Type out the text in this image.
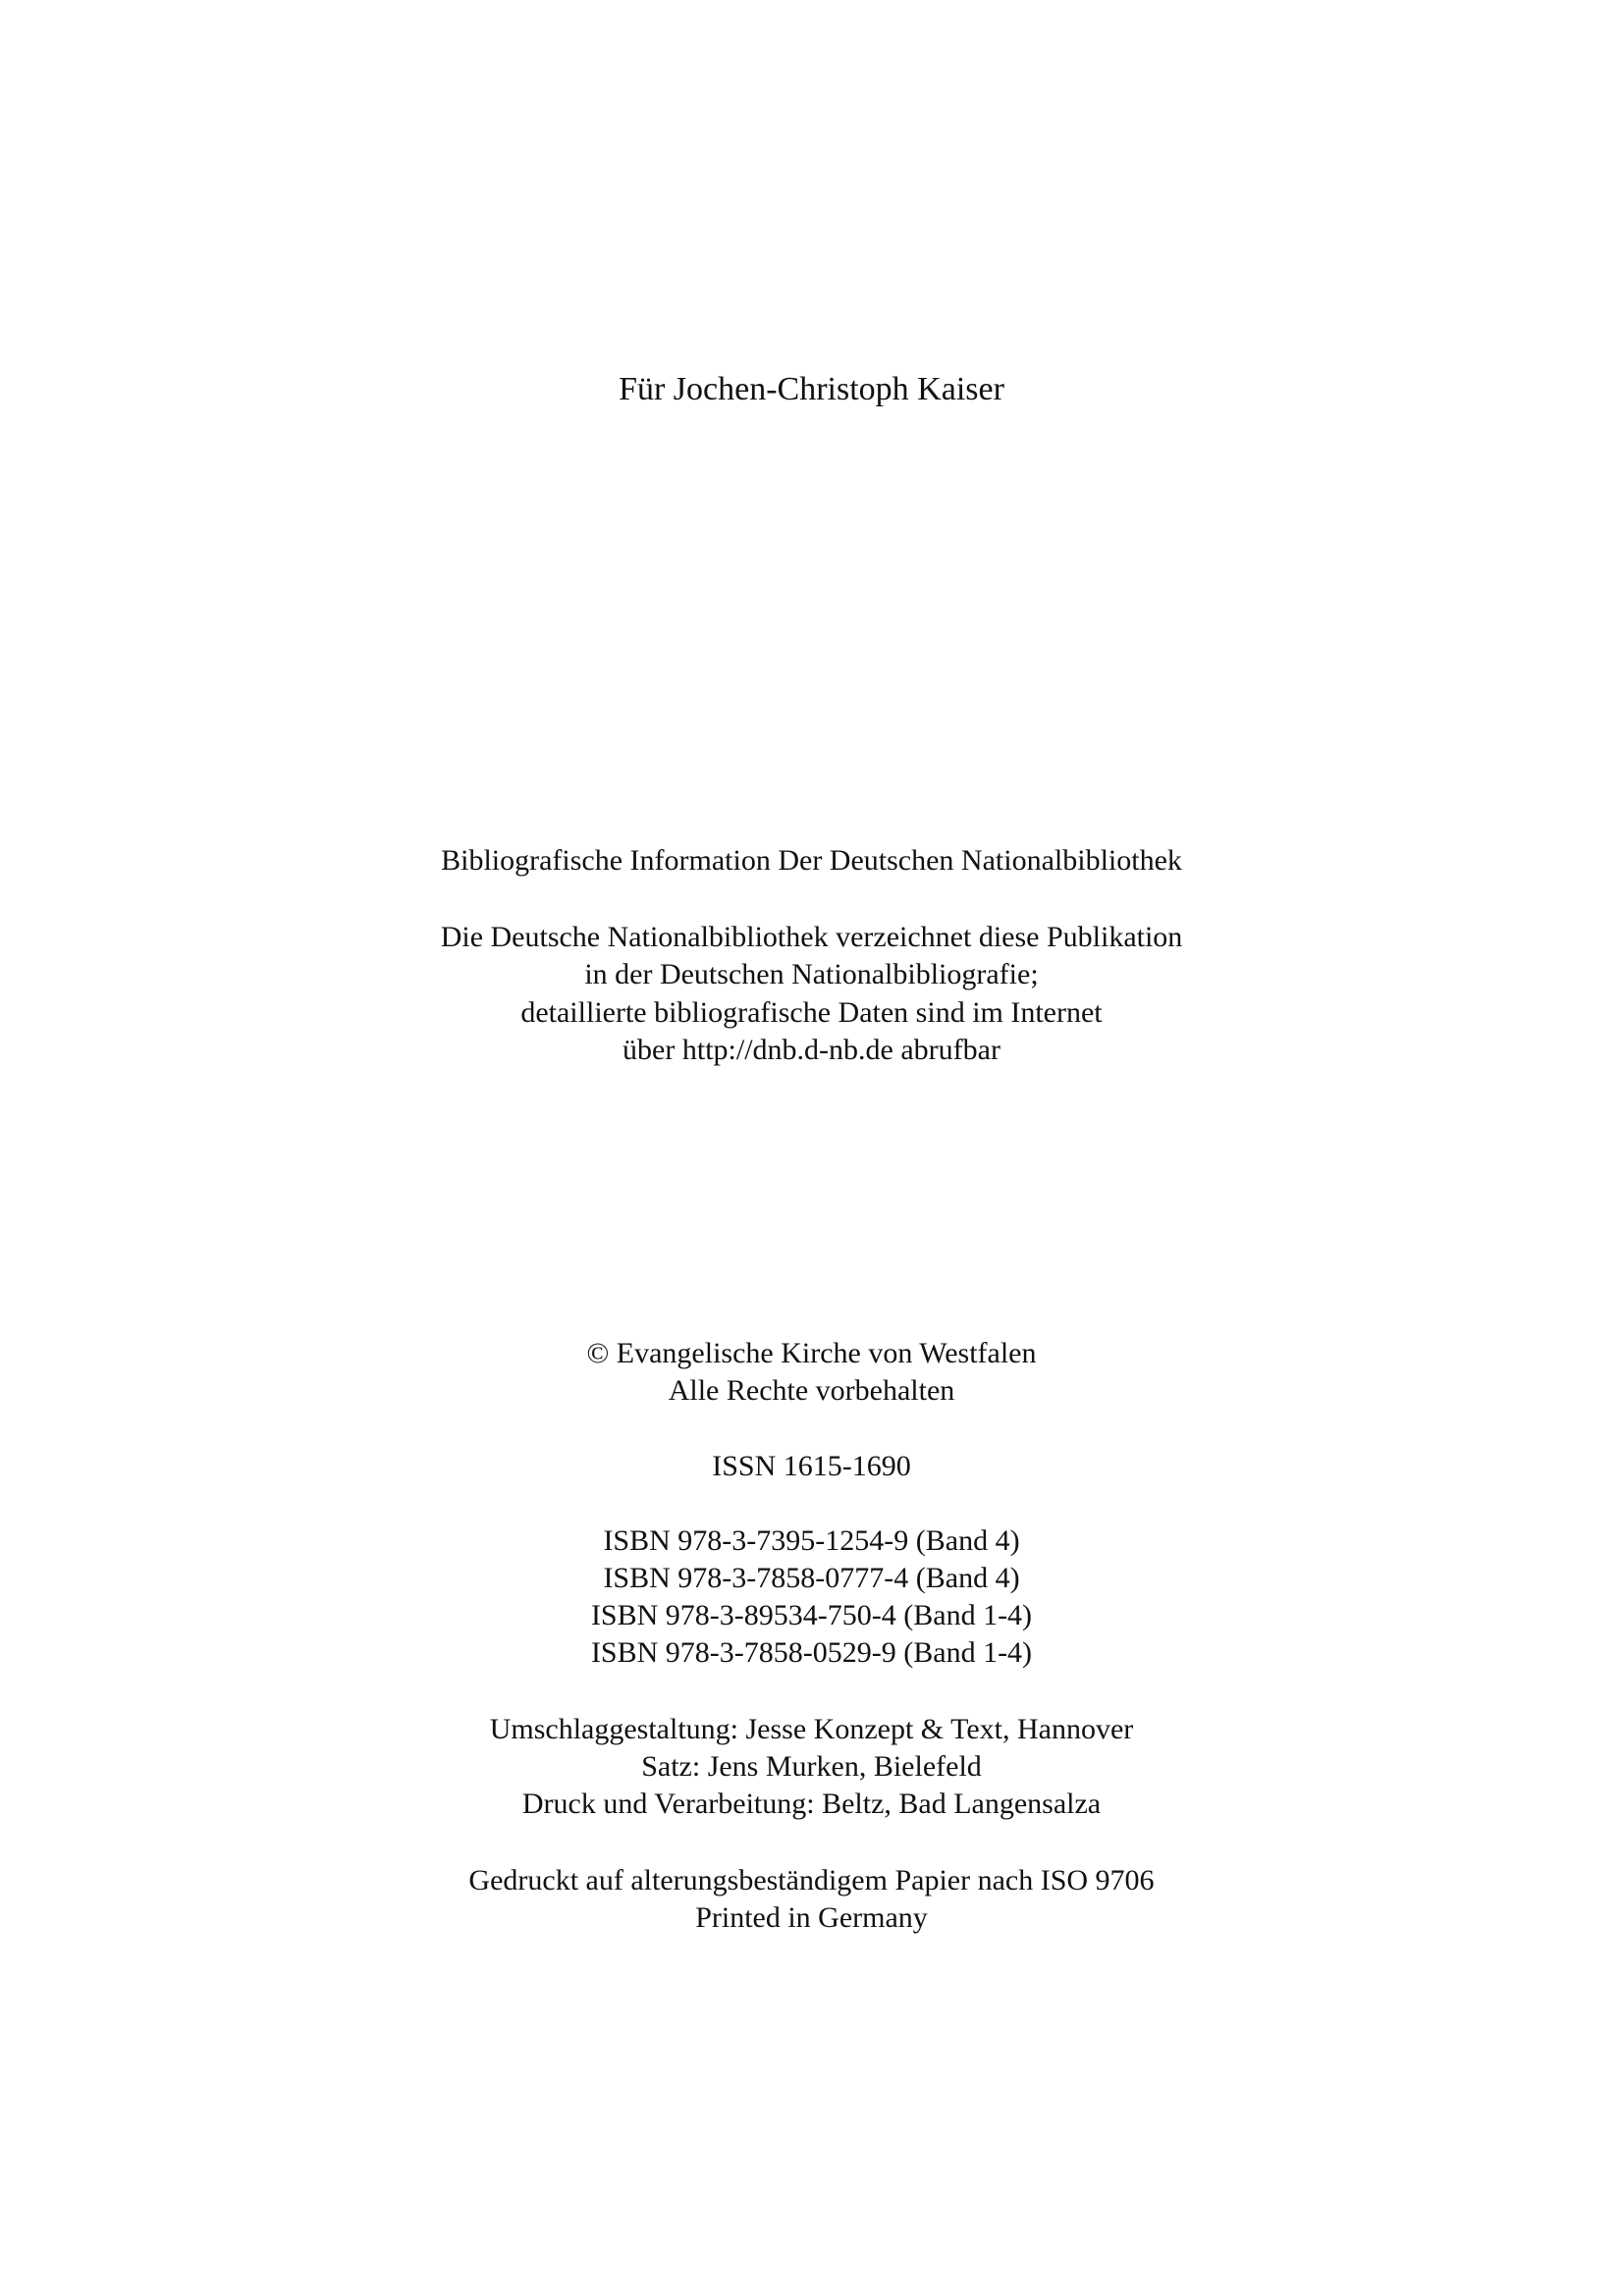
Für Jochen-Christoph Kaiser

Bibliografische Information Der Deutschen Nationalbibliothek

Die Deutsche Nationalbibliothek verzeichnet diese Publikation

in der Deutschen Nationalbibliografie;

detaillierte bibliografische Daten sind im Internet

über http://dnb.d-nb.de abrufbar

© Evangelische Kirche von Westfalen

Alle Rechte vorbehalten

ISSN 1615-1690

ISBN 978-3-7395-1254-9 (Band 4)

ISBN 978-3-7858-0777-4 (Band 4)

ISBN 978-3-89534-750-4 (Band 1-4)

ISBN 978-3-7858-0529-9 (Band 1-4)

Umschlaggestaltung: Jesse Konzept & Text, Hannover

Satz: Jens Murken, Bielefeld

Druck und Verarbeitung: Beltz, Bad Langensalza

Gedruckt auf alterungsbeständigem Papier nach ISO 9706

Printed in Germany
